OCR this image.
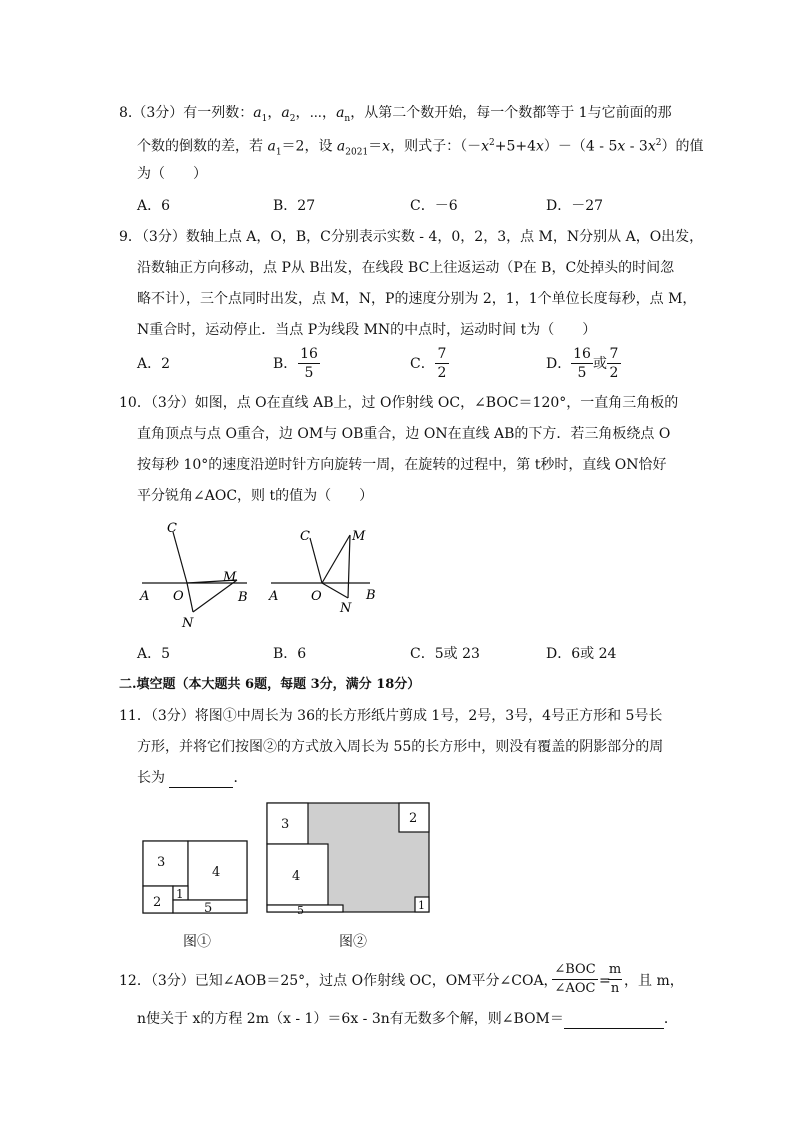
8.（3分）有一列数：$a_1$，$a_2$，⋯，$a_n$，从第二个数开始，每一个数都等于 1与它前面的那
个数的倒数的差，若 $a_1=2$，设 $a_{2021}=x$，则式子：$(-x^2+5+4x)-(4 - 5x - 3x^2)$的值
为（　　）
A．6	B．27	C．－6	D．－27
9．（3分）数轴上点 A，O，B，C分别表示实数 - 4，0，2，3，点 M，N分别从 A，O出发，
沿数轴正方向移动，点 P从 B出发，在线段 BC上往返运动（P在 B，C处掉头的时间忽
略不计），三个点同时出发，点 M，N，P的速度分别为 2，1，1个单位长度每秒，点 M，
N重合时，运动停止．当点 P为线段 MN的中点时，运动时间 t为（　　）
A．2	B．
16
5
C．
7
2
D．
16
5
或
7
2
10．（3分）如图，点 O在直线 AB上，过 O作射线 OC，∠BOC＝120°，一直角三角板的
直角顶点与点 O重合，边 OM与 OB重合，边 ON在直线 AB的下方．若三角板绕点 O
按每秒 10°的速度沿逆时针方向旋转一周，在旋转的过程中，第 t秒时，直线 ON恰好
平分锐角∠AOC，则 t的值为（　　）
C
M
A O	B
N
C	M
A	O	B
N
A．5	B．6	C．5或 23	D．6或 24
二.填空题（本大题共 6题，每题 3分，满分 18分）
11．（3分）将图①中周长为 36的长方形纸片剪成 1号，2号，3号，4号正方形和 5号长
方形，并将它们按图②的方式放入周长为 55的长方形中，则没有覆盖的阴影部分的周
长为	．
3
4
1
2	5
3	2
4
5	1
图①	图②
12．（3分）已知∠AOB＝25°，过点 O作射线 OC，OM平分∠COA，
∠BOC
∠AOC =
m
n ，且 m，
n使关于 x的方程 2m（x - 1）＝6x - 3n有无数多个解，则∠BOM＝	．
